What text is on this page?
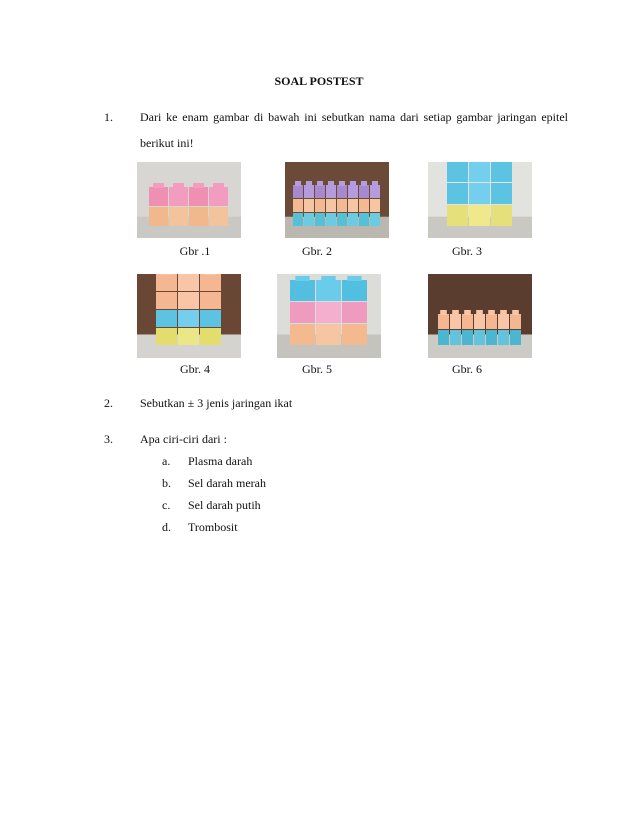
SOAL POSTEST
1. Dari ke enam gambar di bawah ini sebutkan nama dari setiap gambar jaringan epitel
berikut ini!
Gbr .1	Gbr. 2	Gbr. 3
Gbr. 4	Gbr. 5	Gbr. 6
2. Sebutkan ± 3 jenis jaringan ikat
3. Apa ciri-ciri dari :
a. Plasma darah
b. Sel darah merah
c. Sel darah putih
d. Trombosit
